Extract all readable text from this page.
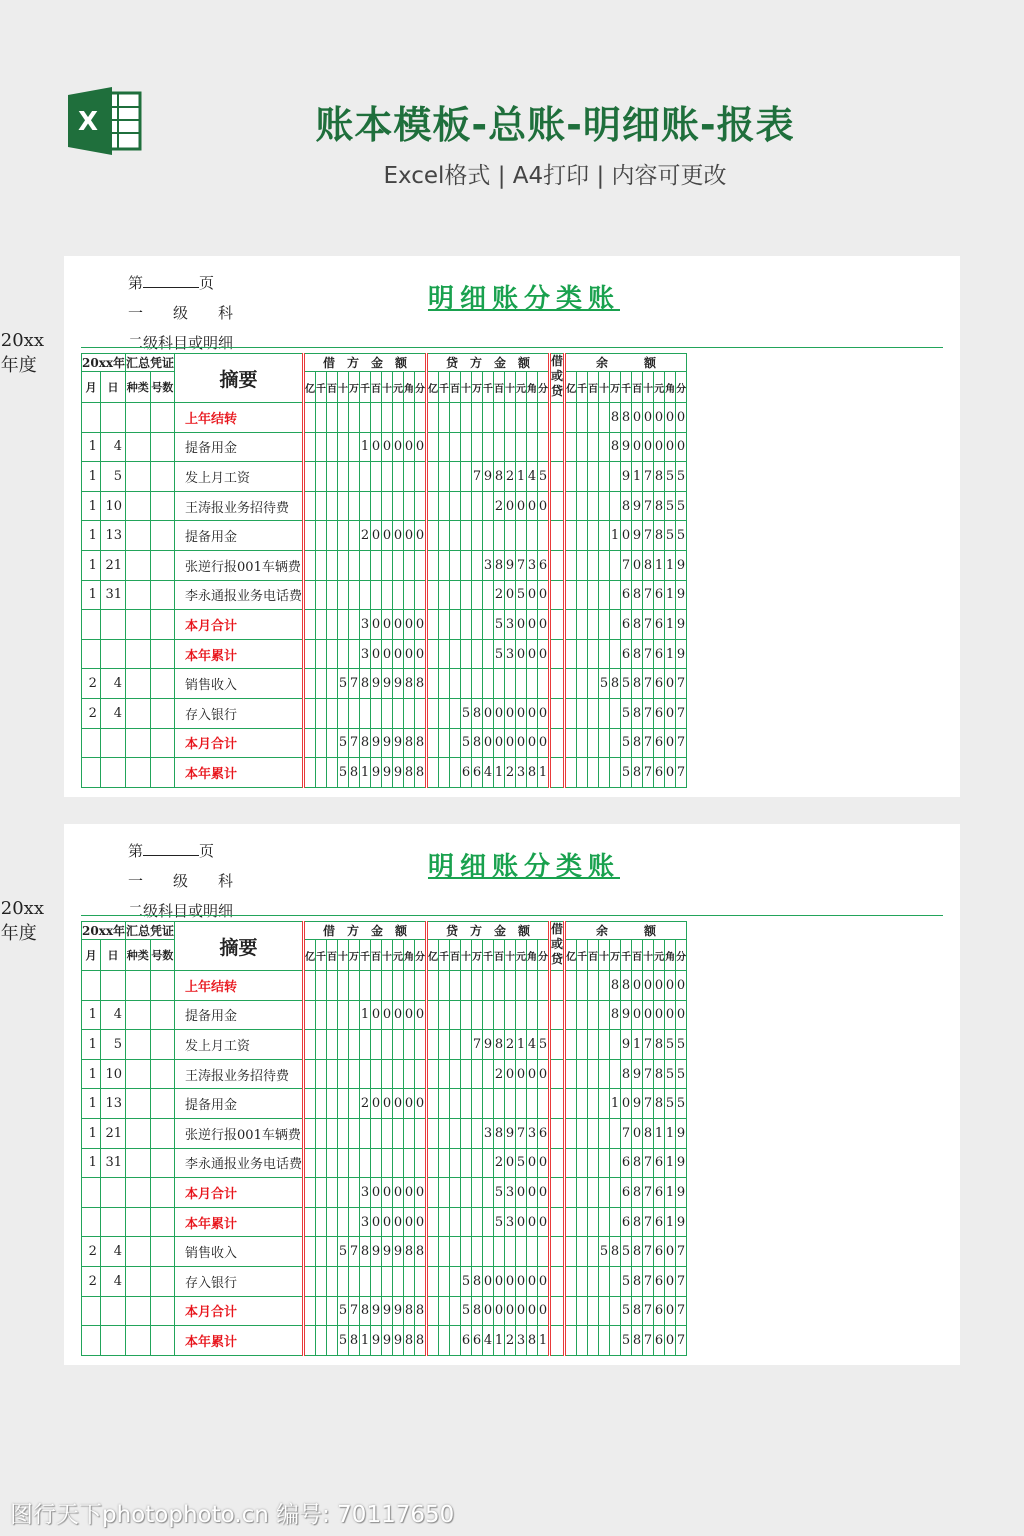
X	账本模板-总账-明细账-报表
Excel格式 | A4打印 | 内容可更改
第	页
一　　级　　科
二级科目或明细
明细账分类账
20xx年度	20xx年		汇总凭证		摘要	借　方　金　额											贷　方　金　额											借或贷	余　　　额										
月	日	种类	号数		亿	千	百	十	万	千	百	十	元	角	分	亿	千	百	十	万	千	百	十	元	角	分		亿	千	百	十	万	千	百	十	元	角	分
				上年结转																												8	8	0	0	0	0	0
1	4			提备用金						1	0	0	0	0	0																	8	9	0	0	0	0	0
1	5			发上月工资																7	9	8	2	1	4	5							9	1	7	8	5	5
1	10			王涛报业务招待费																		2	0	0	0	0							8	9	7	8	5	5
1	13			提备用金						2	0	0	0	0	0																	1	0	9	7	8	5	5
1	21			张逆行报001车辆费																	3	8	9	7	3	6							7	0	8	1	1	9
1	31			李永通报业务电话费																		2	0	5	0	0							6	8	7	6	1	9
				本月合计						3	0	0	0	0	0							5	3	0	0	0							6	8	7	6	1	9
				本年累计						3	0	0	0	0	0							5	3	0	0	0							6	8	7	6	1	9
2	4			销售收入				5	7	8	9	9	9	8	8																5	8	5	8	7	6	0	7
2	4			存入银行															5	8	0	0	0	0	0	0							5	8	7	6	0	7
				本月合计				5	7	8	9	9	9	8	8				5	8	0	0	0	0	0	0							5	8	7	6	0	7
				本年累计				5	8	1	9	9	9	8	8				6	6	4	1	2	3	8	1							5	8	7	6	0	7
第	页
一　　级　　科
二级科目或明细
明细账分类账
20xx年度	20xx年		汇总凭证		摘要	借　方　金　额											贷　方　金　额											借或贷	余　　　额										
月	日	种类	号数		亿	千	百	十	万	千	百	十	元	角	分	亿	千	百	十	万	千	百	十	元	角	分		亿	千	百	十	万	千	百	十	元	角	分
				上年结转																												8	8	0	0	0	0	0
1	4			提备用金						1	0	0	0	0	0																	8	9	0	0	0	0	0
1	5			发上月工资																7	9	8	2	1	4	5							9	1	7	8	5	5
1	10			王涛报业务招待费																		2	0	0	0	0							8	9	7	8	5	5
1	13			提备用金						2	0	0	0	0	0																	1	0	9	7	8	5	5
1	21			张逆行报001车辆费																	3	8	9	7	3	6							7	0	8	1	1	9
1	31			李永通报业务电话费																		2	0	5	0	0							6	8	7	6	1	9
				本月合计						3	0	0	0	0	0							5	3	0	0	0							6	8	7	6	1	9
				本年累计						3	0	0	0	0	0							5	3	0	0	0							6	8	7	6	1	9
2	4			销售收入				5	7	8	9	9	9	8	8																5	8	5	8	7	6	0	7
2	4			存入银行															5	8	0	0	0	0	0	0							5	8	7	6	0	7
				本月合计				5	7	8	9	9	9	8	8				5	8	0	0	0	0	0	0							5	8	7	6	0	7
				本年累计				5	8	1	9	9	9	8	8				6	6	4	1	2	3	8	1							5	8	7	6	0	7
图行天下photophoto.cn 编号: 70117650
